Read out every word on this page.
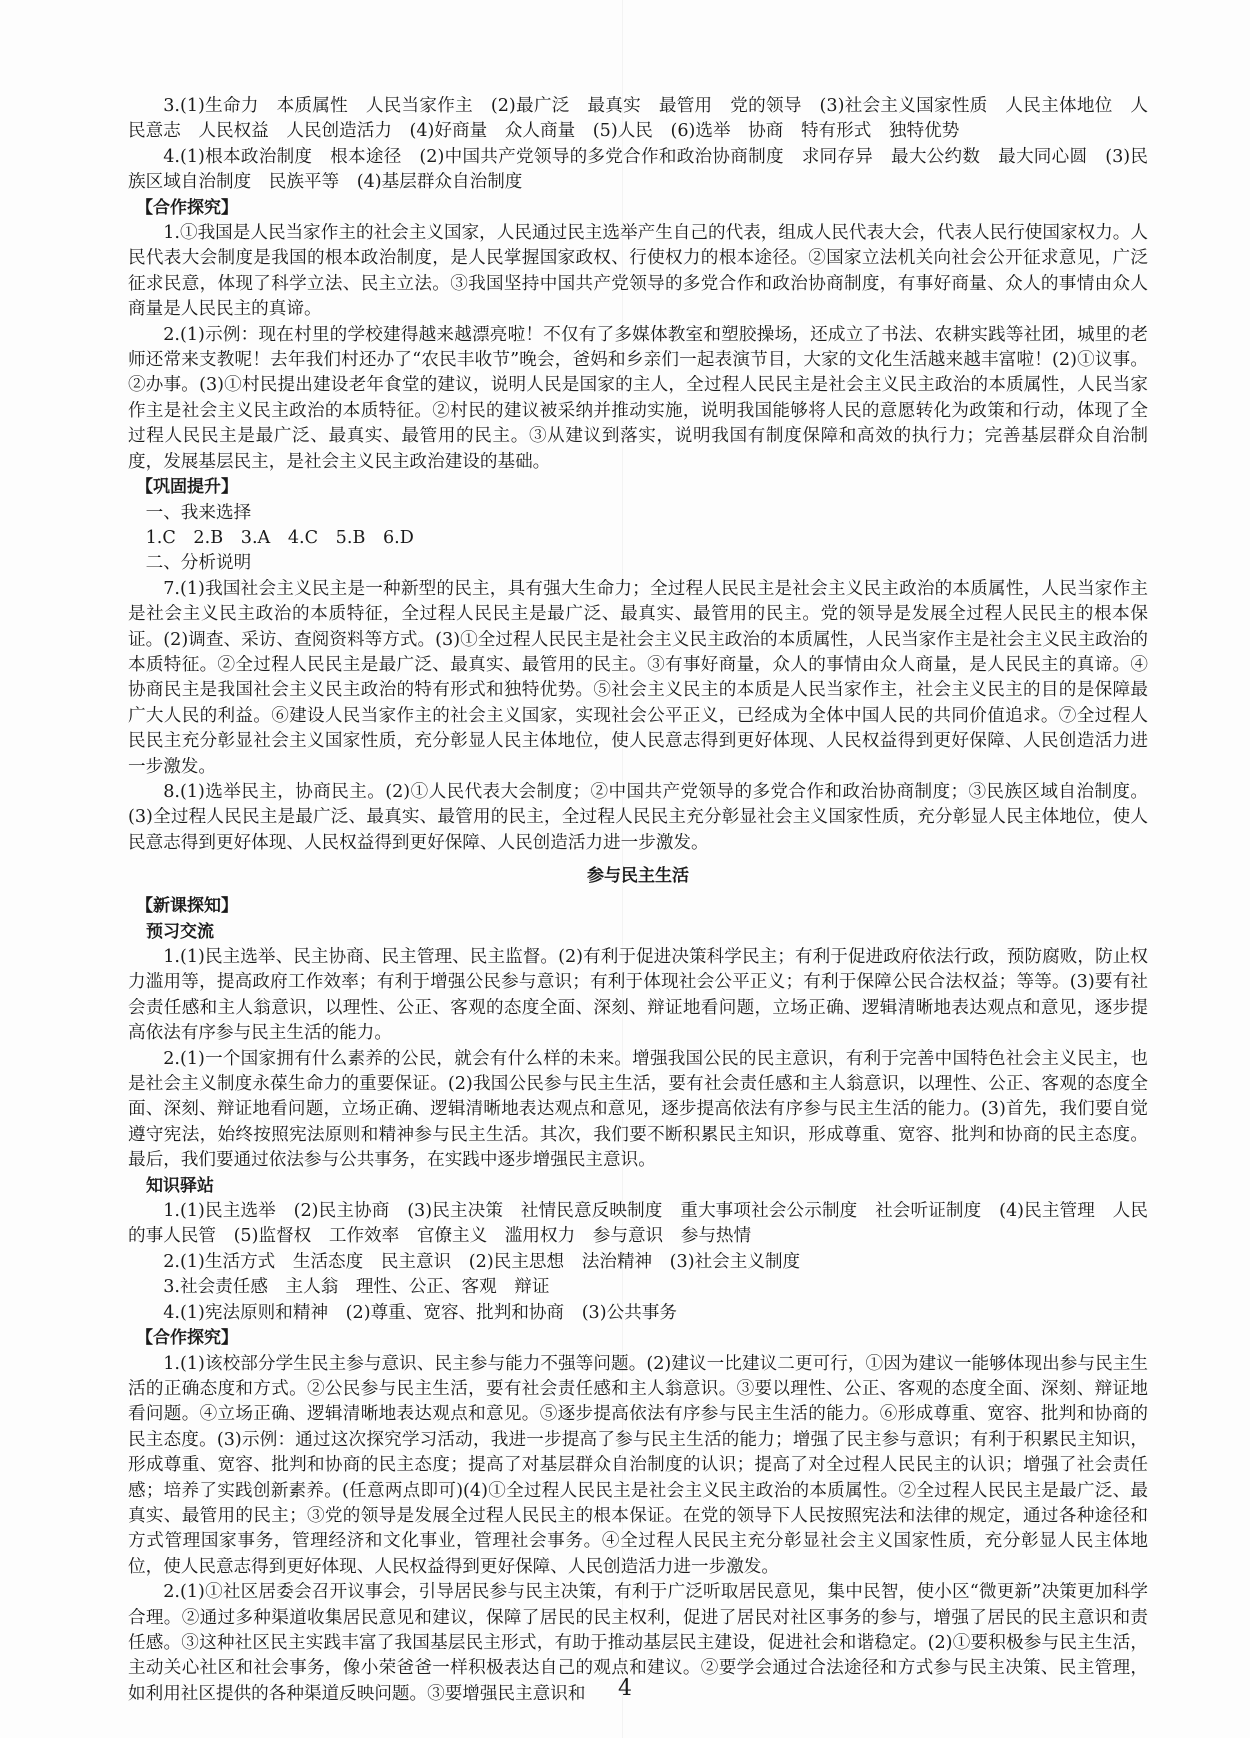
3.(1)生命力　本质属性　人民当家作主　(2)最广泛　最真实　最管用　党的领导　(3)社会主义国家性质　人民主体地位　人民意志　人民权益　人民创造活力　(4)好商量　众人商量　(5)人民　(6)选举　协商　特有形式　独特优势

4.(1)根本政治制度　根本途径　(2)中国共产党领导的多党合作和政治协商制度　求同存异　最大公约数　最大同心圆　(3)民族区域自治制度　民族平等　(4)基层群众自治制度

【合作探究】

1.①我国是人民当家作主的社会主义国家，人民通过民主选举产生自己的代表，组成人民代表大会，代表人民行使国家权力。人民代表大会制度是我国的根本政治制度，是人民掌握国家政权、行使权力的根本途径。②国家立法机关向社会公开征求意见，广泛征求民意，体现了科学立法、民主立法。③我国坚持中国共产党领导的多党合作和政治协商制度，有事好商量、众人的事情由众人商量是人民民主的真谛。

2.(1)示例：现在村里的学校建得越来越漂亮啦！不仅有了多媒体教室和塑胶操场，还成立了书法、农耕实践等社团，城里的老师还常来支教呢！去年我们村还办了“农民丰收节”晚会，爸妈和乡亲们一起表演节目，大家的文化生活越来越丰富啦！(2)①议事。②办事。(3)①村民提出建设老年食堂的建议，说明人民是国家的主人，全过程人民民主是社会主义民主政治的本质属性，人民当家作主是社会主义民主政治的本质特征。②村民的建议被采纳并推动实施，说明我国能够将人民的意愿转化为政策和行动，体现了全过程人民民主是最广泛、最真实、最管用的民主。③从建议到落实，说明我国有制度保障和高效的执行力；完善基层群众自治制度，发展基层民主，是社会主义民主政治建设的基础。

【巩固提升】

一、我来选择

1.C　2.B　3.A　4.C　5.B　6.D

二、分析说明

7.(1)我国社会主义民主是一种新型的民主，具有强大生命力；全过程人民民主是社会主义民主政治的本质属性，人民当家作主是社会主义民主政治的本质特征，全过程人民民主是最广泛、最真实、最管用的民主。党的领导是发展全过程人民民主的根本保证。(2)调查、采访、查阅资料等方式。(3)①全过程人民民主是社会主义民主政治的本质属性，人民当家作主是社会主义民主政治的本质特征。②全过程人民民主是最广泛、最真实、最管用的民主。③有事好商量，众人的事情由众人商量，是人民民主的真谛。④协商民主是我国社会主义民主政治的特有形式和独特优势。⑤社会主义民主的本质是人民当家作主，社会主义民主的目的是保障最广大人民的利益。⑥建设人民当家作主的社会主义国家，实现社会公平正义，已经成为全体中国人民的共同价值追求。⑦全过程人民民主充分彰显社会主义国家性质，充分彰显人民主体地位，使人民意志得到更好体现、人民权益得到更好保障、人民创造活力进一步激发。

8.(1)选举民主，协商民主。(2)①人民代表大会制度；②中国共产党领导的多党合作和政治协商制度；③民族区域自治制度。(3)全过程人民民主是最广泛、最真实、最管用的民主，全过程人民民主充分彰显社会主义国家性质，充分彰显人民主体地位，使人民意志得到更好体现、人民权益得到更好保障、人民创造活力进一步激发。

参与民主生活

【新课探知】

预习交流

1.(1)民主选举、民主协商、民主管理、民主监督。(2)有利于促进决策科学民主；有利于促进政府依法行政，预防腐败，防止权力滥用等，提高政府工作效率；有利于增强公民参与意识；有利于体现社会公平正义；有利于保障公民合法权益；等等。(3)要有社会责任感和主人翁意识，以理性、公正、客观的态度全面、深刻、辩证地看问题，立场正确、逻辑清晰地表达观点和意见，逐步提高依法有序参与民主生活的能力。

2.(1)一个国家拥有什么素养的公民，就会有什么样的未来。增强我国公民的民主意识，有利于完善中国特色社会主义民主，也是社会主义制度永葆生命力的重要保证。(2)我国公民参与民主生活，要有社会责任感和主人翁意识，以理性、公正、客观的态度全面、深刻、辩证地看问题，立场正确、逻辑清晰地表达观点和意见，逐步提高依法有序参与民主生活的能力。(3)首先，我们要自觉遵守宪法，始终按照宪法原则和精神参与民主生活。其次，我们要不断积累民主知识，形成尊重、宽容、批判和协商的民主态度。最后，我们要通过依法参与公共事务，在实践中逐步增强民主意识。

知识驿站

1.(1)民主选举　(2)民主协商　(3)民主决策　社情民意反映制度　重大事项社会公示制度　社会听证制度　(4)民主管理　人民的事人民管　(5)监督权　工作效率　官僚主义　滥用权力　参与意识　参与热情

2.(1)生活方式　生活态度　民主意识　(2)民主思想　法治精神　(3)社会主义制度

3.社会责任感　主人翁　理性、公正、客观　辩证

4.(1)宪法原则和精神　(2)尊重、宽容、批判和协商　(3)公共事务

【合作探究】

1.(1)该校部分学生民主参与意识、民主参与能力不强等问题。(2)建议一比建议二更可行，①因为建议一能够体现出参与民主生活的正确态度和方式。②公民参与民主生活，要有社会责任感和主人翁意识。③要以理性、公正、客观的态度全面、深刻、辩证地看问题。④立场正确、逻辑清晰地表达观点和意见。⑤逐步提高依法有序参与民主生活的能力。⑥形成尊重、宽容、批判和协商的民主态度。(3)示例：通过这次探究学习活动，我进一步提高了参与民主生活的能力；增强了民主参与意识；有利于积累民主知识，形成尊重、宽容、批判和协商的民主态度；提高了对基层群众自治制度的认识；提高了对全过程人民民主的认识；增强了社会责任感；培养了实践创新素养。(任意两点即可)(4)①全过程人民民主是社会主义民主政治的本质属性。②全过程人民民主是最广泛、最真实、最管用的民主；③党的领导是发展全过程人民民主的根本保证。在党的领导下人民按照宪法和法律的规定，通过各种途径和方式管理国家事务，管理经济和文化事业，管理社会事务。④全过程人民民主充分彰显社会主义国家性质，充分彰显人民主体地位，使人民意志得到更好体现、人民权益得到更好保障、人民创造活力进一步激发。

2.(1)①社区居委会召开议事会，引导居民参与民主决策，有利于广泛听取居民意见，集中民智，使小区“微更新”决策更加科学合理。②通过多种渠道收集居民意见和建议，保障了居民的民主权利，促进了居民对社区事务的参与，增强了居民的民主意识和责任感。③这种社区民主实践丰富了我国基层民主形式，有助于推动基层民主建设，促进社会和谐稳定。(2)①要积极参与民主生活，主动关心社区和社会事务，像小荣爸爸一样积极表达自己的观点和建议。②要学会通过合法途径和方式参与民主决策、民主管理，如利用社区提供的各种渠道反映问题。③要增强民主意识和	4
